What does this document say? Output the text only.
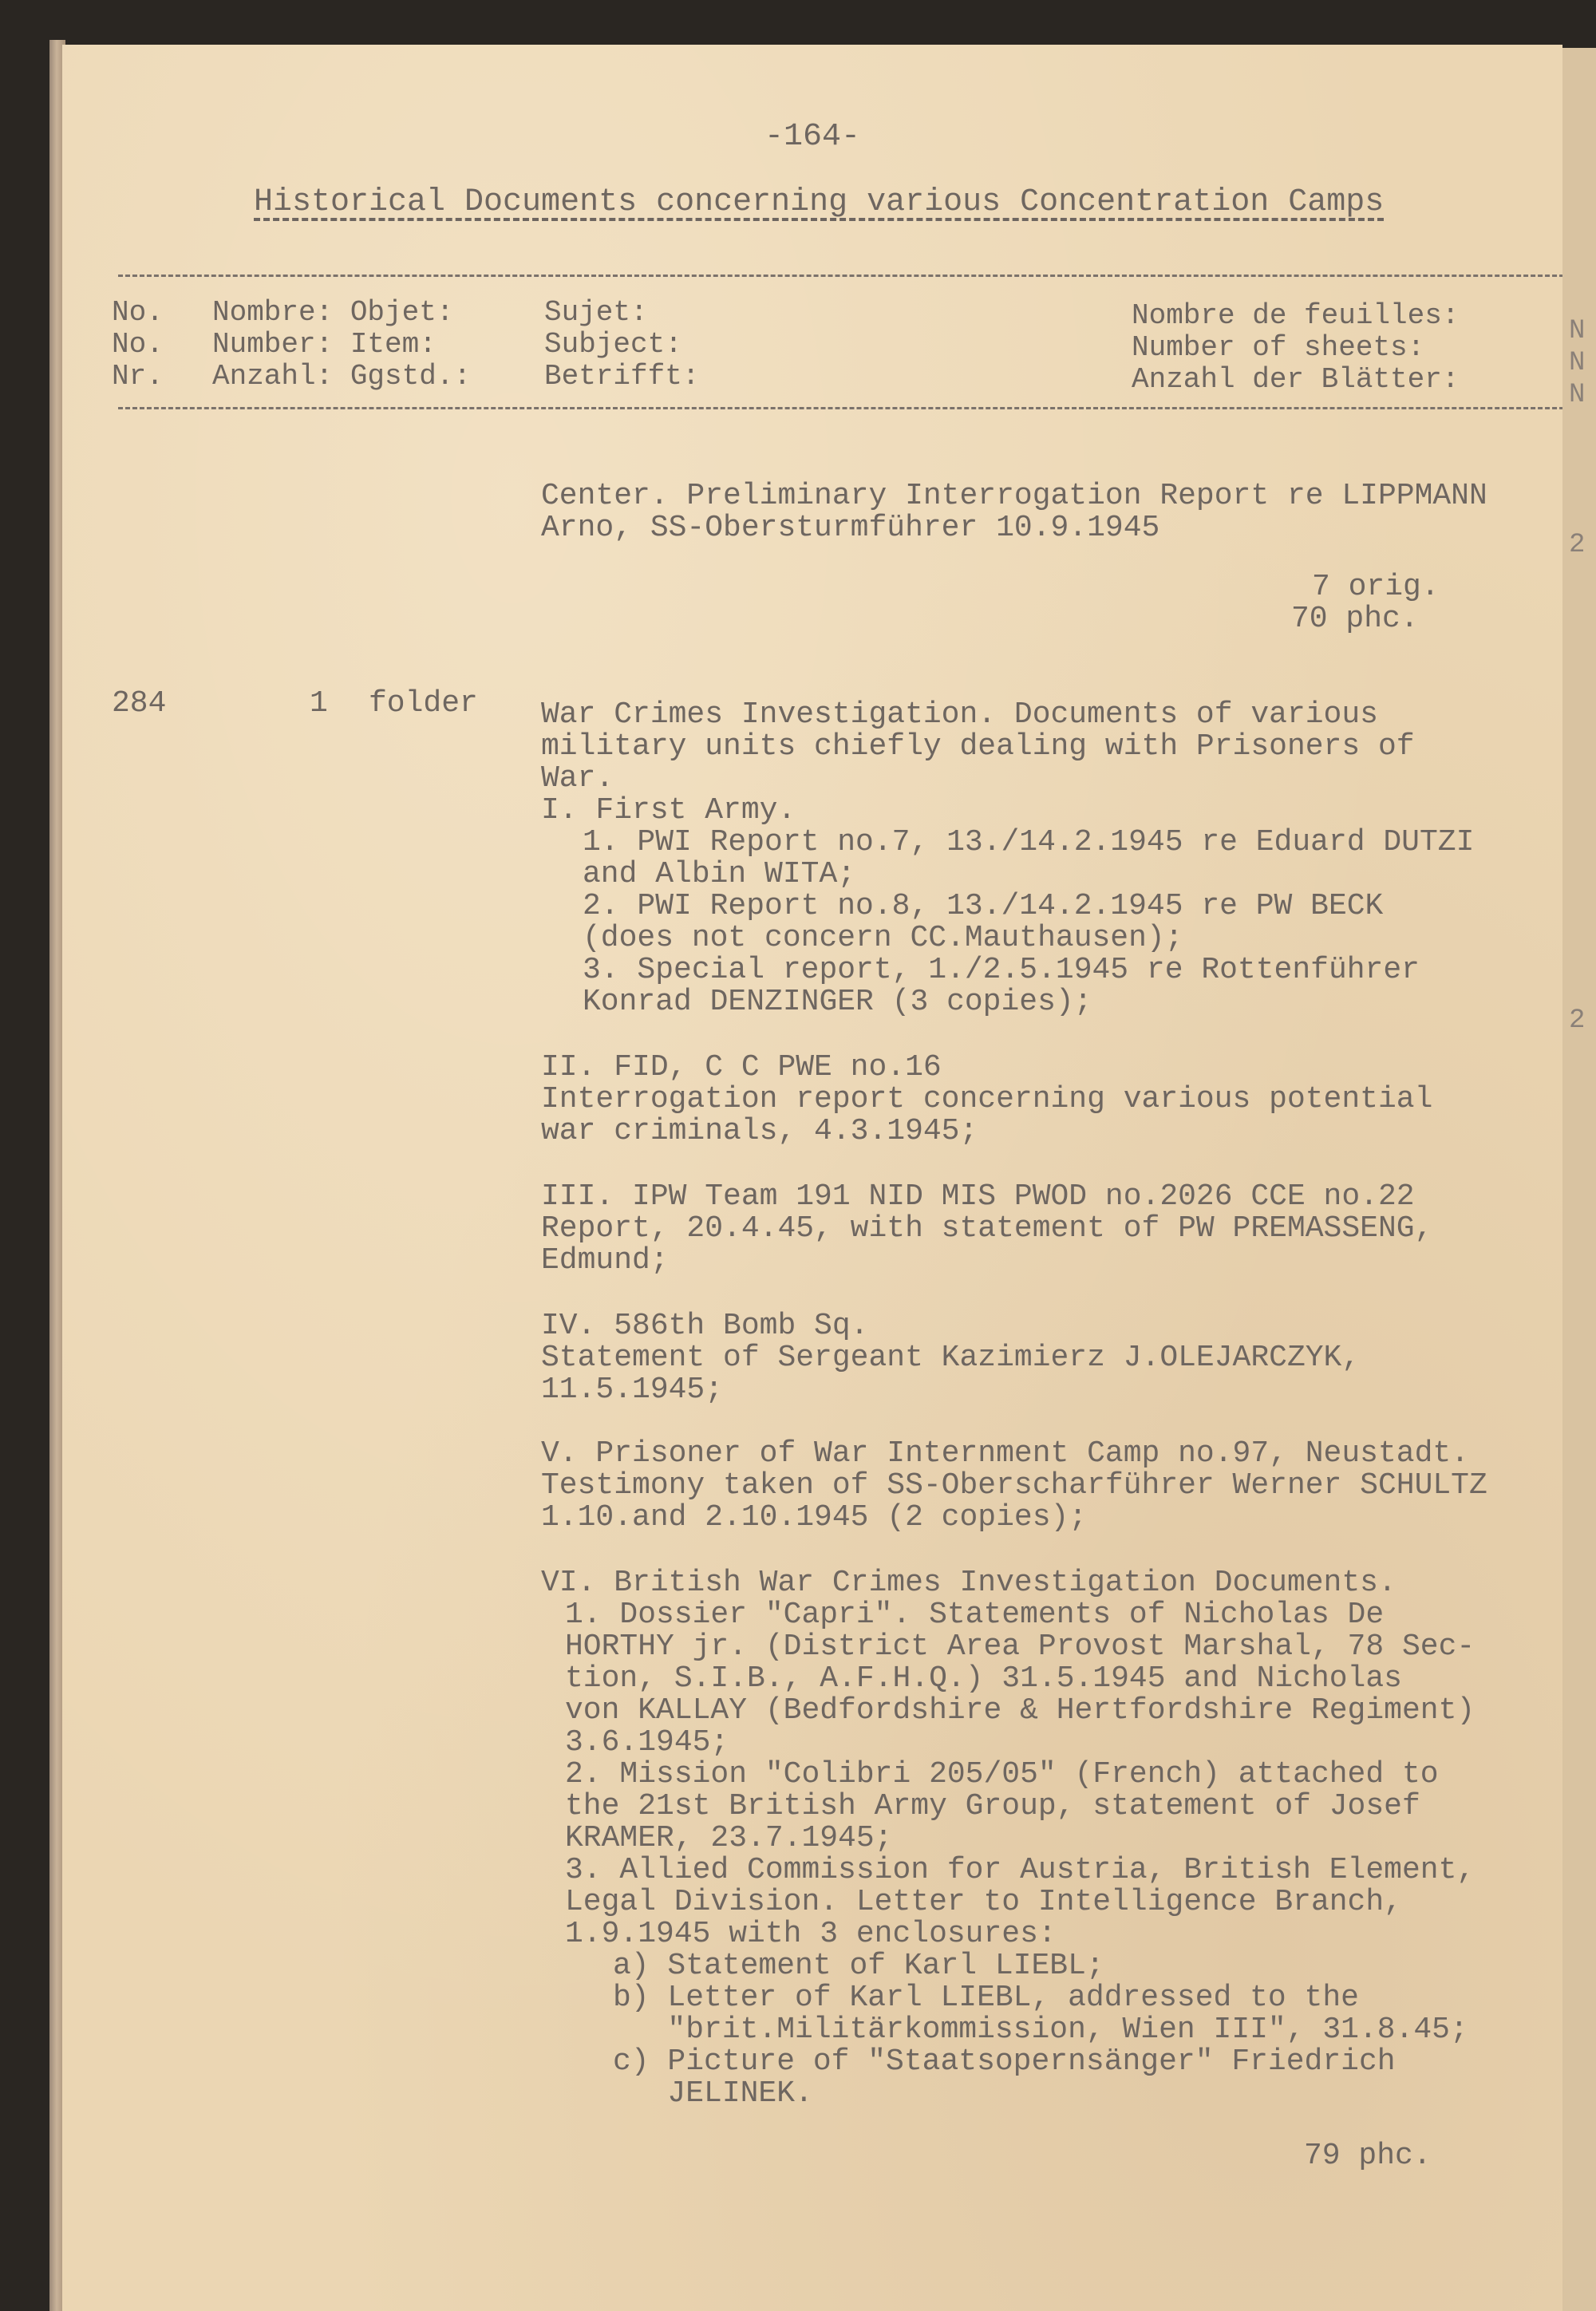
-164-
Historical Documents concerning various Concentration Camps
No.
No.
Nr.
Nombre: Objet:
Number: Item:
Anzahl: Ggstd.:
Sujet:
Subject:
Betrifft:
Nombre de feuilles:
Number of sheets:
Anzahl der Blätter:
Center. Preliminary Interrogation Report re LIPPMANN
Arno, SS-Obersturmführer 10.9.1945
7 orig.
70 phc.
284	1 folder War Crimes Investigation. Documents of various
military units chiefly dealing with Prisoners of
War.
I. First Army.
1. PWI Report no.7, 13./14.2.1945 re Eduard DUTZI
and Albin WITA;
2. PWI Report no.8, 13./14.2.1945 re PW BECK
(does not concern CC.Mauthausen);
3. Special report, 1./2.5.1945 re Rottenführer
Konrad DENZINGER (3 copies);
II. FID, C C PWE no.16
Interrogation report concerning various potential
war criminals, 4.3.1945;
III. IPW Team 191 NID MIS PWOD no.2026 CCE no.22
Report, 20.4.45, with statement of PW PREMASSENG,
Edmund;
IV. 586th Bomb Sq.
Statement of Sergeant Kazimierz J.OLEJARCZYK,
11.5.1945;
V. Prisoner of War Internment Camp no.97, Neustadt.
Testimony taken of SS-Oberscharführer Werner SCHULTZ
1.10.and 2.10.1945 (2 copies);
VI. British War Crimes Investigation Documents.
1. Dossier "Capri". Statements of Nicholas De
HORTHY jr. (District Area Provost Marshal, 78 Sec-
tion, S.I.B., A.F.H.Q.) 31.5.1945 and Nicholas
von KALLAY (Bedfordshire & Hertfordshire Regiment)
3.6.1945;
2. Mission "Colibri 205/05" (French) attached to
the 21st British Army Group, statement of Josef
KRAMER, 23.7.1945;
3. Allied Commission for Austria, British Element,
Legal Division. Letter to Intelligence Branch,
1.9.1945 with 3 enclosures:
a) Statement of Karl LIEBL;
b) Letter of Karl LIEBL, addressed to the
"brit.Militärkommission, Wien III", 31.8.45;
c) Picture of "Staatsopernsänger" Friedrich
JELINEK.
79 phc.
N
N
N
2
2
